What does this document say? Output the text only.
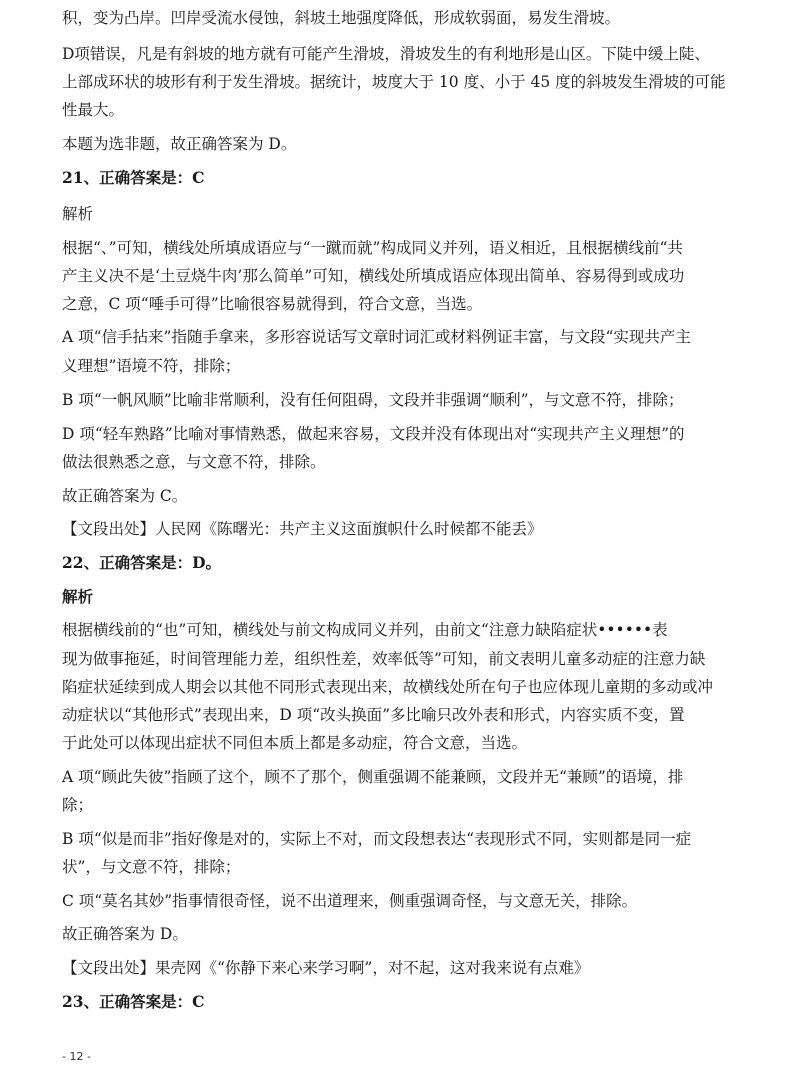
积，变为凸岸。凹岸受流水侵蚀，斜坡土地强度降低，形成软弱面，易发生滑坡。
D项错误，凡是有斜坡的地方就有可能产生滑坡，滑坡发生的有利地形是山区。下陡中缓上陡、
上部成环状的坡形有利于发生滑坡。据统计，坡度大于 10 度、小于 45 度的斜坡发生滑坡的可能
性最大。
本题为选非题，故正确答案为 D。
21、正确答案是：C
解析
根据“、”可知，横线处所填成语应与“一蹴而就”构成同义并列，语义相近，且根据横线前“共
产主义决不是‘土豆烧牛肉’那么简单”可知，横线处所填成语应体现出简单、容易得到或成功
之意，C 项“唾手可得”比喻很容易就得到，符合文意，当选。
A 项“信手拈来”指随手拿来，多形容说话写文章时词汇或材料例证丰富，与文段“实现共产主
义理想”语境不符，排除；
B 项“一帆风顺”比喻非常顺利，没有任何阻碍，文段并非强调“顺利”，与文意不符，排除；
D 项“轻车熟路”比喻对事情熟悉，做起来容易，文段并没有体现出对“实现共产主义理想”的
做法很熟悉之意，与文意不符，排除。
故正确答案为 C。
【文段出处】人民网《陈曙光：共产主义这面旗帜什么时候都不能丢》
22、正确答案是：D。
解析
根据横线前的“也”可知，横线处与前文构成同义并列，由前文“注意力缺陷症状••••••表
现为做事拖延，时间管理能力差，组织性差，效率低等”可知，前文表明儿童多动症的注意力缺
陷症状延续到成人期会以其他不同形式表现出来，故横线处所在句子也应体现儿童期的多动或冲
动症状以“其他形式”表现出来，D 项“改头换面”多比喻只改外表和形式，内容实质不变，置
于此处可以体现出症状不同但本质上都是多动症，符合文意，当选。
A 项“顾此失彼”指顾了这个，顾不了那个，侧重强调不能兼顾，文段并无“兼顾”的语境，排
除；
B 项“似是而非”指好像是对的，实际上不对，而文段想表达“表现形式不同，实则都是同一症
状”，与文意不符，排除；
C 项“莫名其妙”指事情很奇怪，说不出道理来，侧重强调奇怪，与文意无关，排除。
故正确答案为 D。
【文段出处】果壳网《“你静下来心来学习啊”，对不起，这对我来说有点难》
23、正确答案是：C
- 12 -
